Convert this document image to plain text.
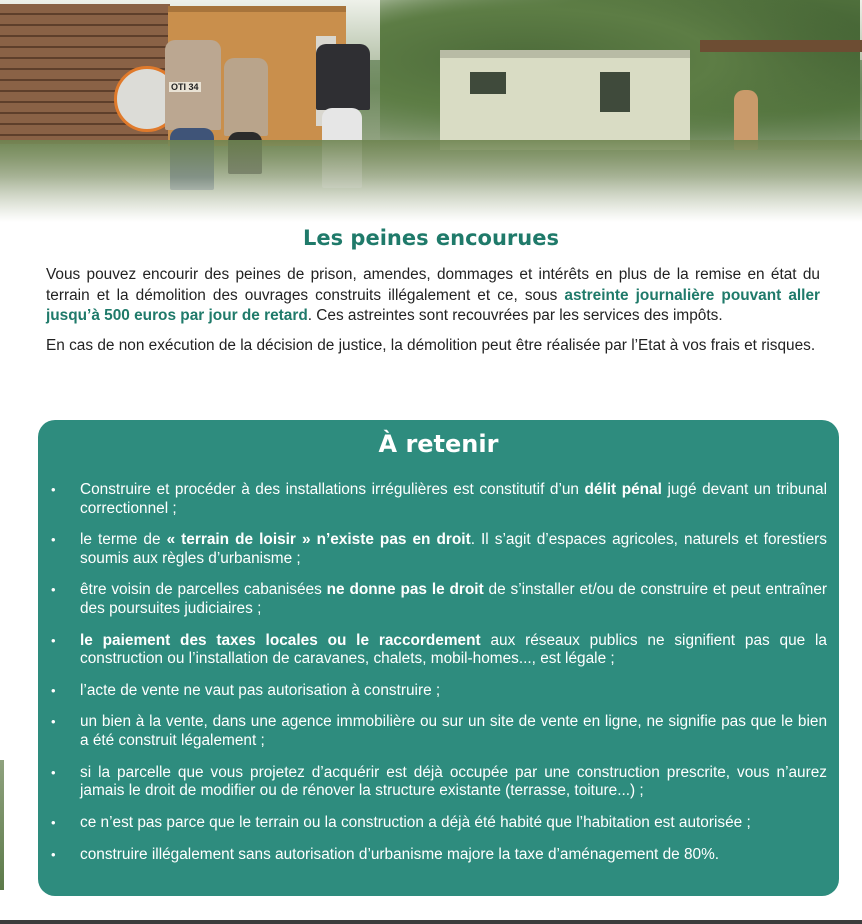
OTI 34
Les peines encourues

Vous pouvez encourir des peines de prison, amendes, dommages et intérêts en plus de la remise en état du terrain et la démolition des ouvrages construits illégalement et ce, sous astreinte journalière pouvant aller jusqu’à 500 euros par jour de retard. Ces astreintes sont recouvrées par les services des impôts.

En cas de non exécution de la décision de justice, la démolition peut être réalisée par l’Etat à vos frais et risques.

À retenir
• Construire et procéder à des installations irrégulières est constitutif d’un délit pénal jugé devant un tribunal correctionnel ;
• le terme de « terrain de loisir » n’existe pas en droit. Il s’agit d’espaces agricoles, naturels et forestiers soumis aux règles d’urbanisme ;
• être voisin de parcelles cabanisées ne donne pas le droit de s’installer et/ou de construire et peut entraîner des poursuites judiciaires ;
• le paiement des taxes locales ou le raccordement aux réseaux publics ne signifient pas que la construction ou l’installation de caravanes, chalets, mobil-homes..., est légale ;
• l’acte de vente ne vaut pas autorisation à construire ;
• un bien à la vente, dans une agence immobilière ou sur un site de vente en ligne, ne signifie pas que le bien a été construit légalement ;
• si la parcelle que vous projetez d’acquérir est déjà occupée par une construction prescrite, vous n’aurez jamais le droit de modifier ou de rénover la structure existante (terrasse, toiture...) ;
• ce n’est pas parce que le terrain ou la construction a déjà été habité que l’habitation est autorisée ;
• construire illégalement sans autorisation d’urbanisme majore la taxe d’aménagement de 80%.
